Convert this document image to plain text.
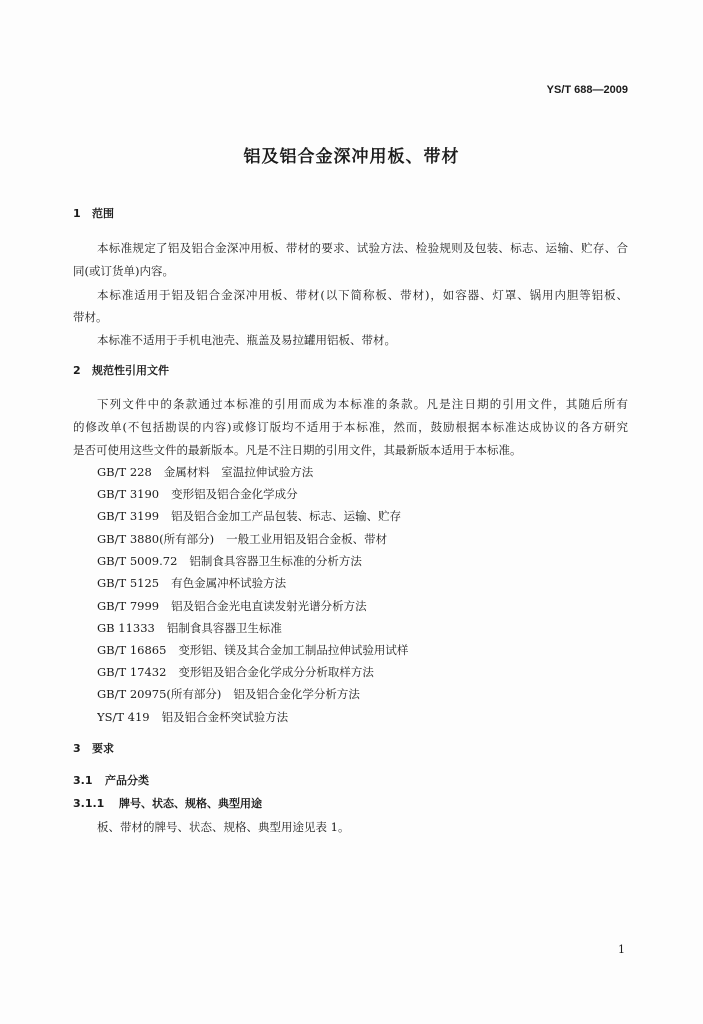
YS/T 688—2009
铝及铝合金深冲用板、带材
1 范围
本标准规定了铝及铝合金深冲用板、带材的要求、试验方法、检验规则及包装、标志、运输、贮存、合
同(或订货单)内容。
本标准适用于铝及铝合金深冲用板、带材(以下简称板、带材)，如容器、灯罩、锅用内胆等铝板、
带材。
本标准不适用于手机电池壳、瓶盖及易拉罐用铝板、带材。
2 规范性引用文件
下列文件中的条款通过本标准的引用而成为本标准的条款。凡是注日期的引用文件，其随后所有
的修改单(不包括勘误的内容)或修订版均不适用于本标准，然而，鼓励根据本标准达成协议的各方研究
是否可使用这些文件的最新版本。凡是不注日期的引用文件，其最新版本适用于本标准。
GB/T 228 金属材料　室温拉伸试验方法
GB/T 3190 变形铝及铝合金化学成分
GB/T 3199 铝及铝合金加工产品包装、标志、运输、贮存
GB/T 3880(所有部分) 一般工业用铝及铝合金板、带材
GB/T 5009.72 铝制食具容器卫生标准的分析方法
GB/T 5125 有色金属冲杯试验方法
GB/T 7999 铝及铝合金光电直读发射光谱分析方法
GB 11333 铝制食具容器卫生标准
GB/T 16865 变形铝、镁及其合金加工制品拉伸试验用试样
GB/T 17432 变形铝及铝合金化学成分分析取样方法
GB/T 20975(所有部分) 铝及铝合金化学分析方法
YS/T 419 铝及铝合金杯突试验方法
3 要求
3.1 产品分类
3.1.1 牌号、状态、规格、典型用途
板、带材的牌号、状态、规格、典型用途见表 1。
1
